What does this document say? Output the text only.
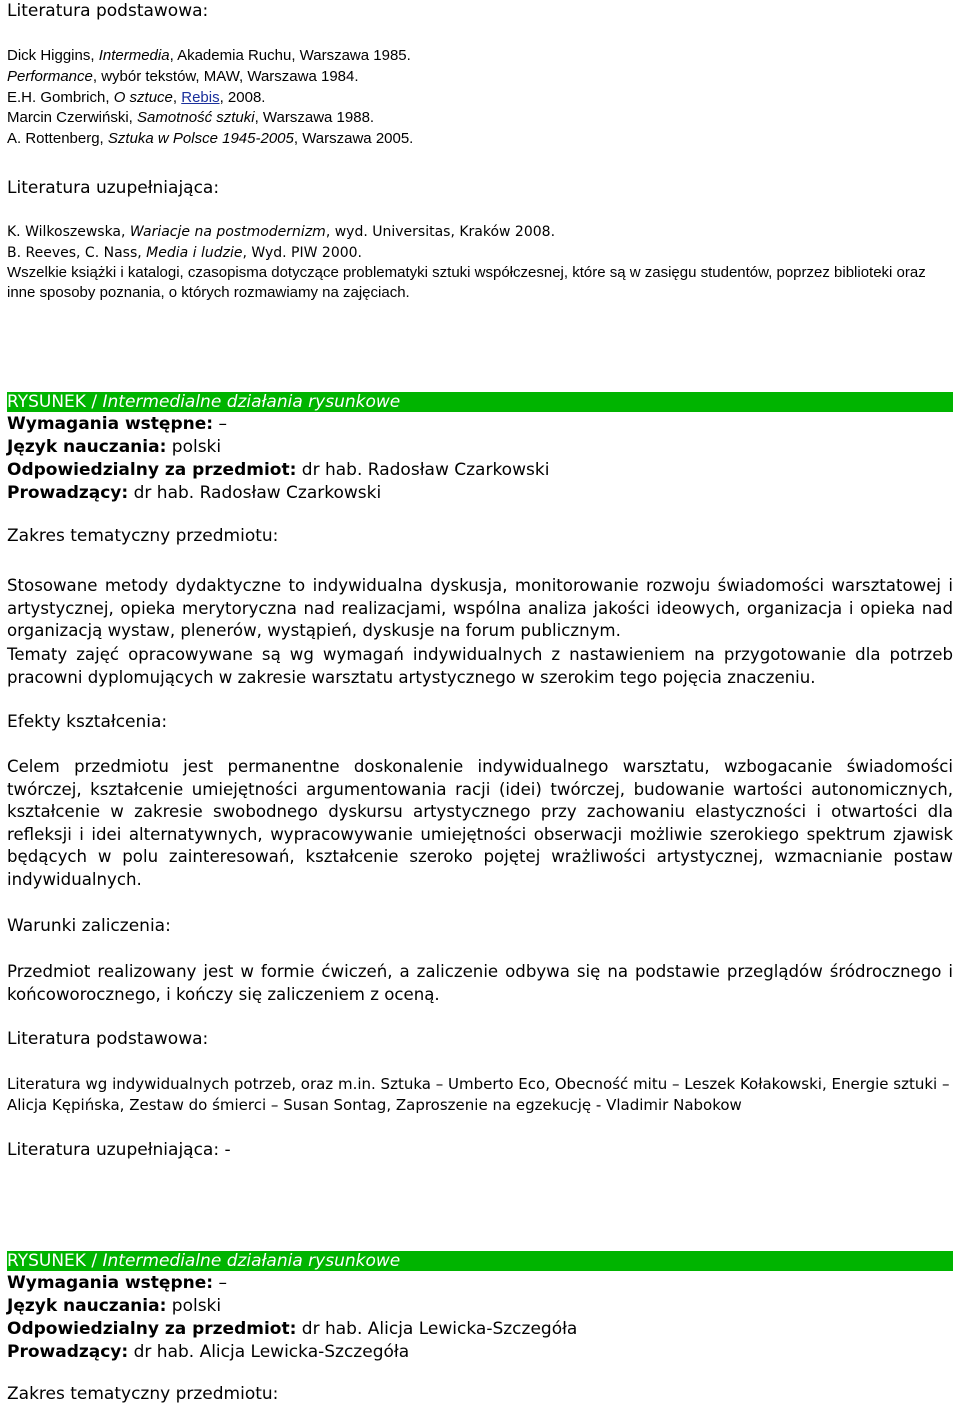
Literatura podstawowa:

Dick Higgins, Intermedia, Akademia Ruchu, Warszawa 1985.

Performance, wybór tekstów, MAW, Warszawa 1984.

E.H. Gombrich, O sztuce, Rebis, 2008.

Marcin Czerwiński, Samotność sztuki, Warszawa 1988.

A. Rottenberg, Sztuka w Polsce 1945-2005, Warszawa 2005.

Literatura uzupełniająca:

K. Wilkoszewska, Wariacje na postmodernizm, wyd. Universitas, Kraków 2008.

B. Reeves, C. Nass, Media i ludzie, Wyd. PIW 2000.

Wszelkie książki i katalogi, czasopisma dotyczące problematyki sztuki współczesnej, które są w zasięgu studentów, poprzez biblioteki oraz inne sposoby poznania, o których rozmawiamy na zajęciach.
RYSUNEK / Intermedialne działania rysunkowe
Wymagania wstępne: –
Język nauczania: polski
Odpowiedzialny za przedmiot: dr hab. Radosław Czarkowski
Prowadzący: dr hab. Radosław Czarkowski
Zakres tematyczny przedmiotu:
Stosowane metody dydaktyczne to indywidualna dyskusja, monitorowanie rozwoju świadomości warsztatowej i artystycznej, opieka merytoryczna nad realizacjami, wspólna analiza jakości ideowych, organizacja i opieka nad organizacją wystaw, plenerów, wystąpień, dyskusje na forum publicznym.
Tematy zajęć opracowywane są wg wymagań indywidualnych z nastawieniem na przygotowanie dla potrzeb pracowni dyplomujących w zakresie warsztatu artystycznego w szerokim tego pojęcia znaczeniu.
Efekty kształcenia:
Celem przedmiotu jest permanentne doskonalenie indywidualnego warsztatu, wzbogacanie świadomości twórczej, kształcenie umiejętności argumentowania racji (idei) twórczej, budowanie wartości autonomicznych, kształcenie w zakresie swobodnego dyskursu artystycznego przy zachowaniu elastyczności i otwartości dla refleksji i idei alternatywnych, wypracowywanie umiejętności obserwacji możliwie szerokiego spektrum zjawisk będących w polu zainteresowań, kształcenie szeroko pojętej wrażliwości artystycznej, wzmacnianie postaw indywidualnych.
Warunki zaliczenia:
Przedmiot realizowany jest w formie ćwiczeń, a zaliczenie odbywa się na podstawie przeglądów śródrocznego i końcoworocznego, i kończy się zaliczeniem z oceną.
Literatura podstawowa:
Literatura wg indywidualnych potrzeb, oraz m.in. Sztuka – Umberto Eco, Obecność mitu – Leszek Kołakowski, Energie sztuki – Alicja Kępińska, Zestaw do śmierci – Susan Sontag, Zaproszenie na egzekucję - Vladimir Nabokow
Literatura uzupełniająca: -
RYSUNEK / Intermedialne działania rysunkowe
Wymagania wstępne: –
Język nauczania: polski
Odpowiedzialny za przedmiot: dr hab. Alicja Lewicka-Szczegóła
Prowadzący: dr hab. Alicja Lewicka-Szczegóła
Zakres tematyczny przedmiotu:
